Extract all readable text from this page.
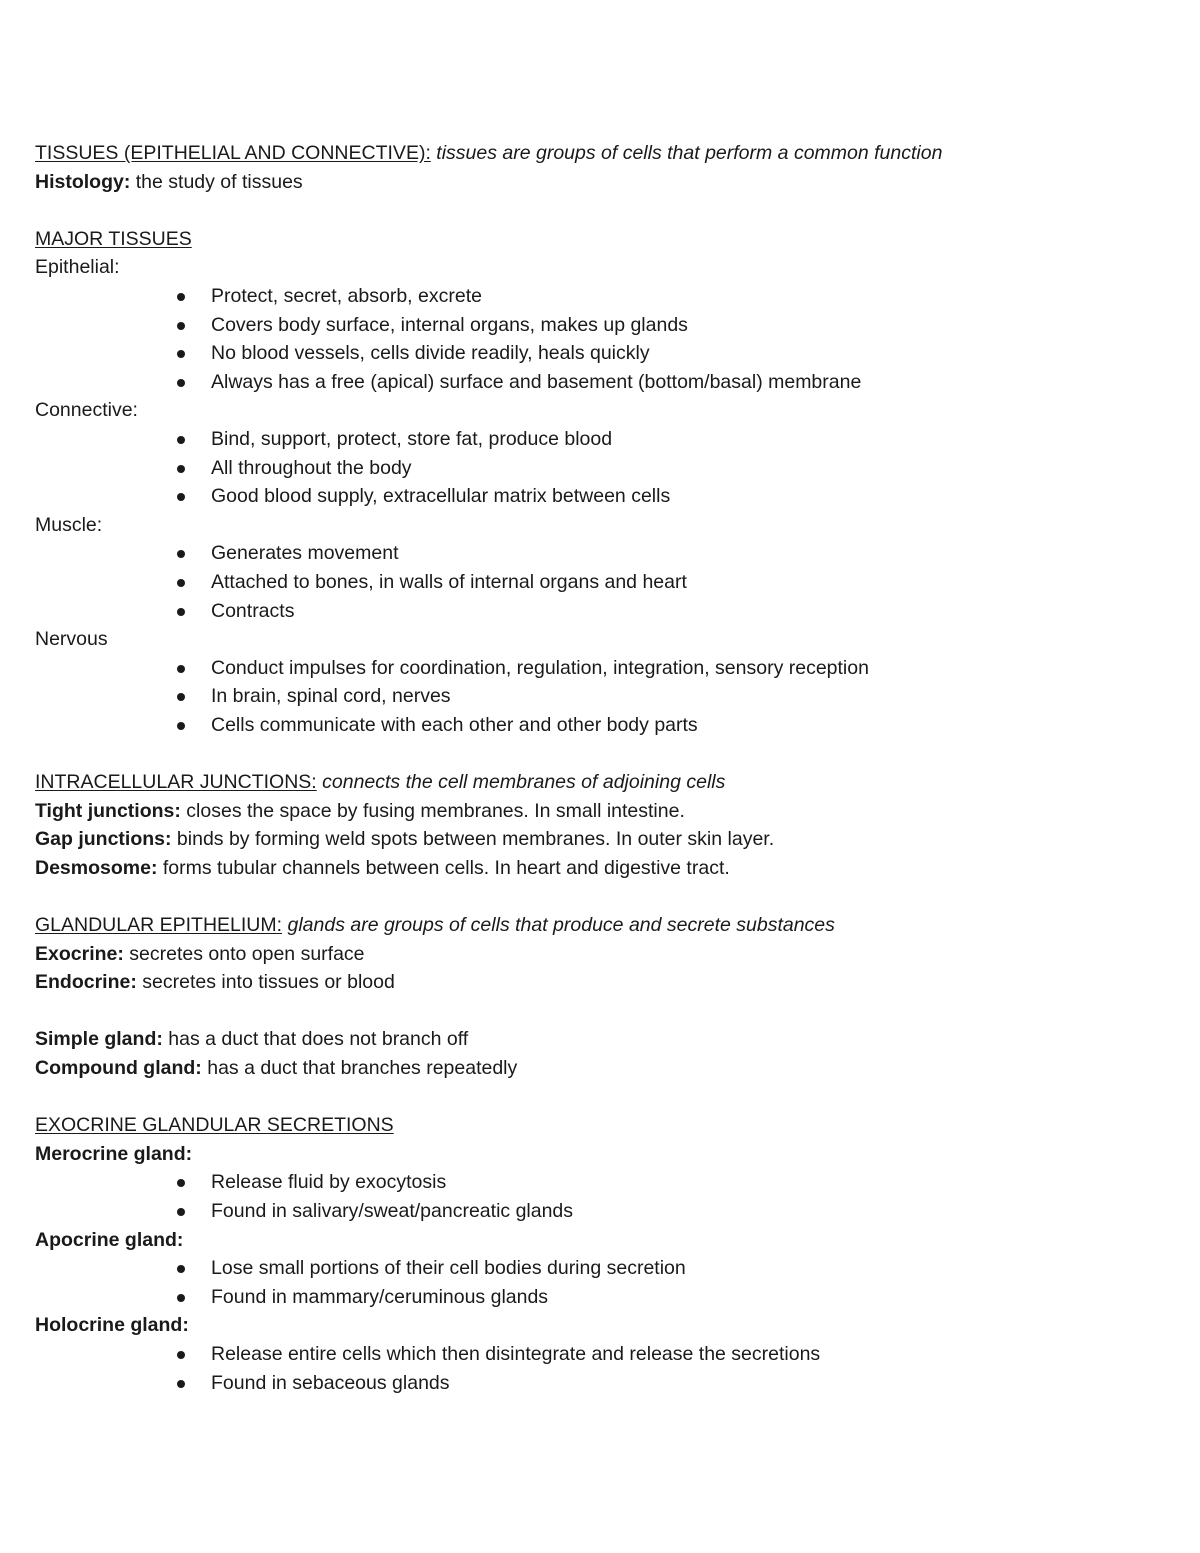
TISSUES (EPITHELIAL AND CONNECTIVE): tissues are groups of cells that perform a common function
Histology: the study of tissues
MAJOR TISSUES
Epithelial:
Protect, secret, absorb, excrete
Covers body surface, internal organs, makes up glands
No blood vessels, cells divide readily, heals quickly
Always has a free (apical) surface and basement (bottom/basal) membrane
Connective:
Bind, support, protect, store fat, produce blood
All throughout the body
Good blood supply, extracellular matrix between cells
Muscle:
Generates movement
Attached to bones, in walls of internal organs and heart
Contracts
Nervous
Conduct impulses for coordination, regulation, integration, sensory reception
In brain, spinal cord, nerves
Cells communicate with each other and other body parts
INTRACELLULAR JUNCTIONS: connects the cell membranes of adjoining cells
Tight junctions: closes the space by fusing membranes. In small intestine.
Gap junctions: binds by forming weld spots between membranes. In outer skin layer.
Desmosome: forms tubular channels between cells. In heart and digestive tract.
GLANDULAR EPITHELIUM: glands are groups of cells that produce and secrete substances
Exocrine: secretes onto open surface
Endocrine: secretes into tissues or blood
Simple gland: has a duct that does not branch off
Compound gland: has a duct that branches repeatedly
EXOCRINE GLANDULAR SECRETIONS
Merocrine gland:
Release fluid by exocytosis
Found in salivary/sweat/pancreatic glands
Apocrine gland:
Lose small portions of their cell bodies during secretion
Found in mammary/ceruminous glands
Holocrine gland:
Release entire cells which then disintegrate and release the secretions
Found in sebaceous glands
